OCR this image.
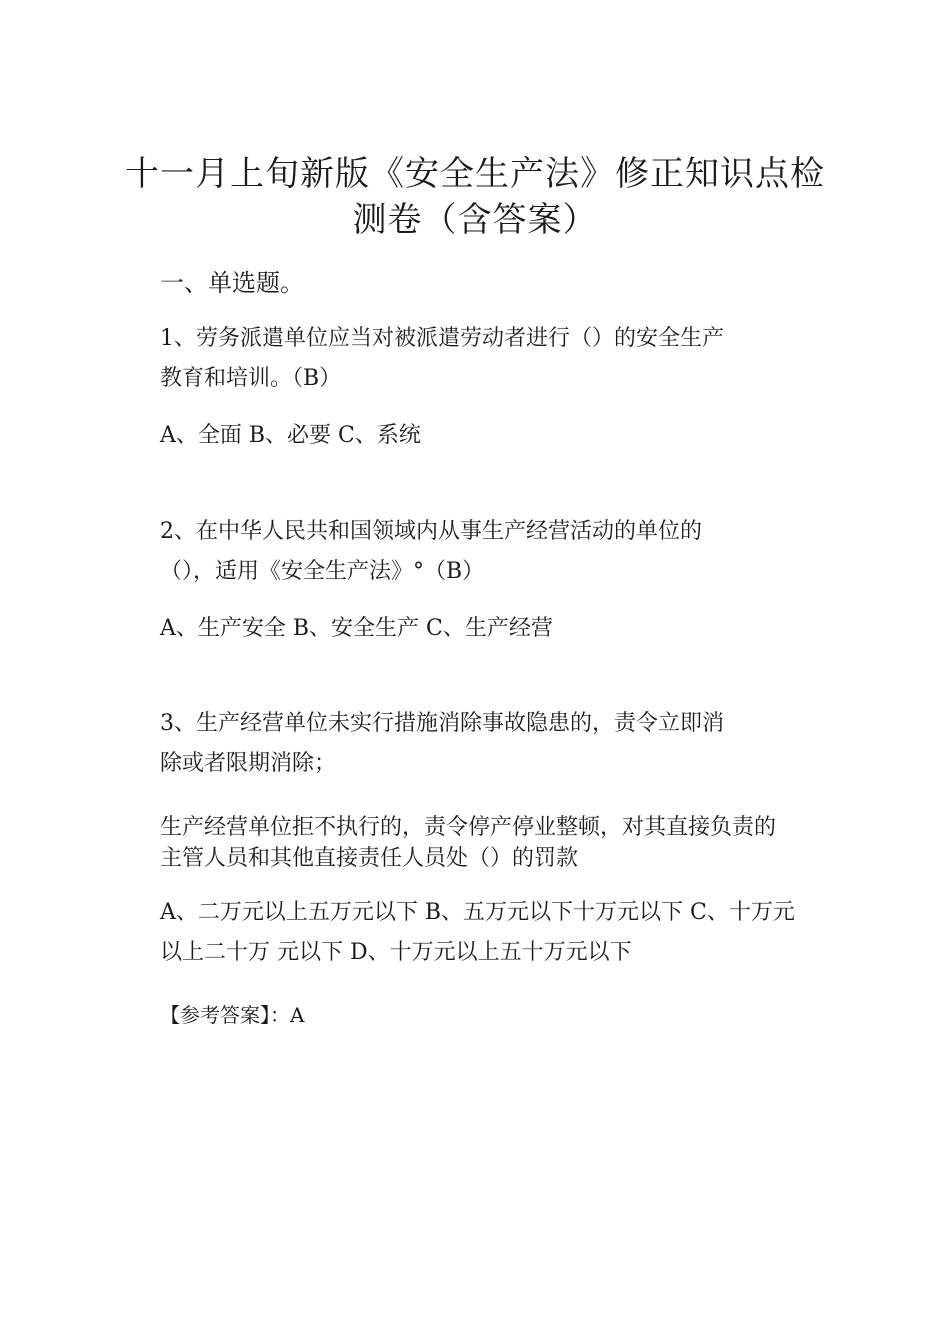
十一月上旬新版《安全生产法》修正知识点检
测卷（含答案）

一、单选题。

1、劳务派遣单位应当对被派遣劳动者进行（）的安全生产

教育和培训。（B）

A、全面 B、必要 C、系统

2、在中华人民共和国领域内从事生产经营活动的单位的

（），适用《安全生产法》°（B）

A、生产安全 B、安全生产 C、生产经营

3、生产经营单位未实行措施消除事故隐患的，责令立即消

除或者限期消除；

生产经营单位拒不执行的，责令停产停业整顿，对其直接负责的

主管人员和其他直接责任人员处（）的罚款

A、二万元以上五万元以下 B、五万元以下十万元以下 C、十万元

以上二十万 元以下 D、十万元以上五十万元以下

【参考答案】：A
